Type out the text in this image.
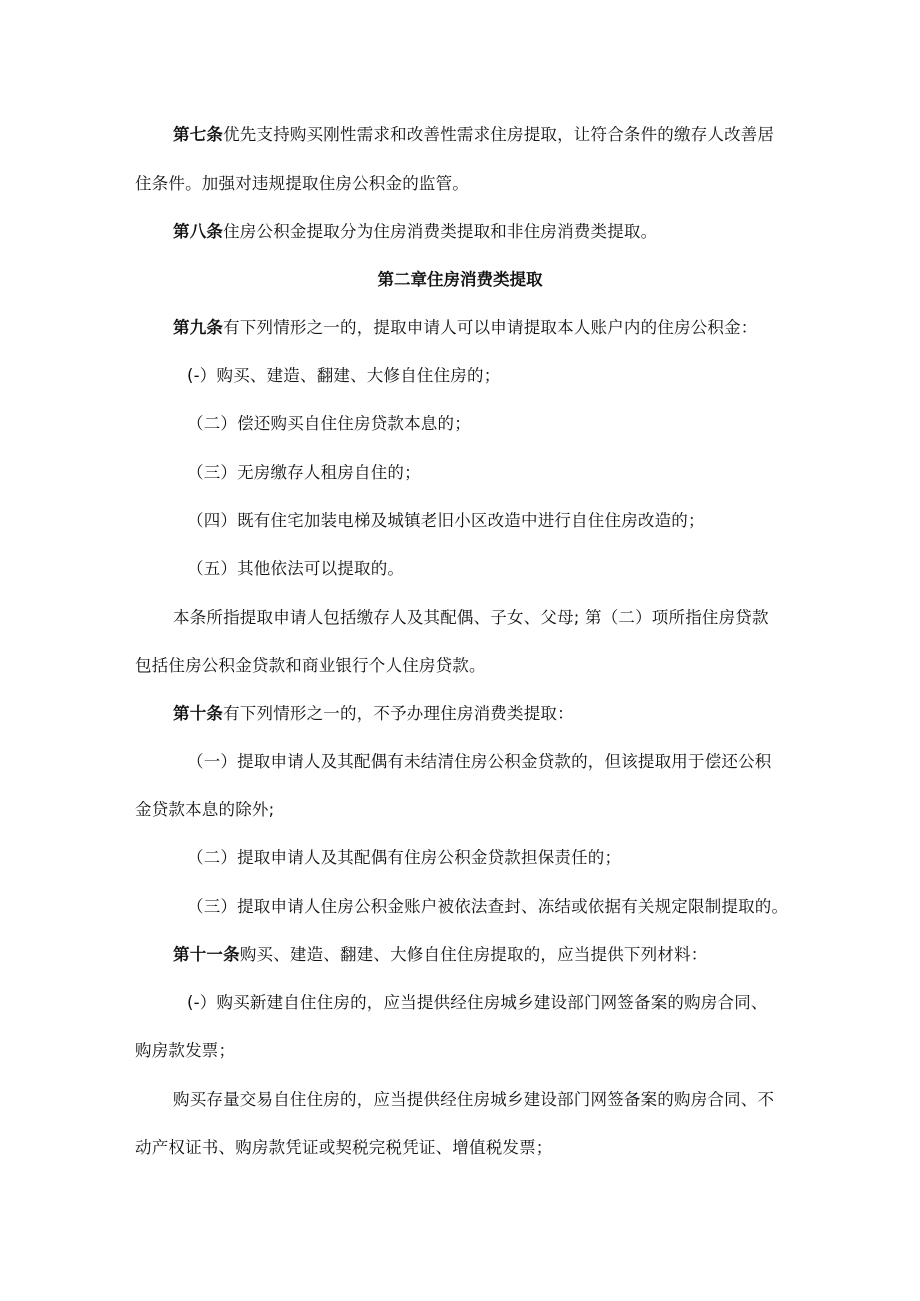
第七条优先支持购买刚性需求和改善性需求住房提取，让符合条件的缴存人改善居
住条件。加强对违规提取住房公积金的监管。
第八条住房公积金提取分为住房消费类提取和非住房消费类提取。
第二章住房消费类提取
第九条有下列情形之一的，提取申请人可以申请提取本人账户内的住房公积金：
(-）购买、建造、翻建、大修自住住房的；
（二）偿还购买自住住房贷款本息的；
（三）无房缴存人租房自住的；
（四）既有住宅加装电梯及城镇老旧小区改造中进行自住住房改造的；
（五）其他依法可以提取的。
本条所指提取申请人包括缴存人及其配偶、子女、父母; 第（二）项所指住房贷款
包括住房公积金贷款和商业银行个人住房贷款。
第十条有下列情形之一的，不予办理住房消费类提取：
（一）提取申请人及其配偶有未结清住房公积金贷款的，但该提取用于偿还公积
金贷款本息的除外;
（二）提取申请人及其配偶有住房公积金贷款担保责任的；
（三）提取申请人住房公积金账户被依法查封、冻结或依据有关规定限制提取的。
第十一条购买、建造、翻建、大修自住住房提取的，应当提供下列材料：
(-）购买新建自住住房的，应当提供经住房城乡建设部门网签备案的购房合同、
购房款发票；
购买存量交易自住住房的，应当提供经住房城乡建设部门网签备案的购房合同、不
动产权证书、购房款凭证或契税完税凭证、增值税发票；
